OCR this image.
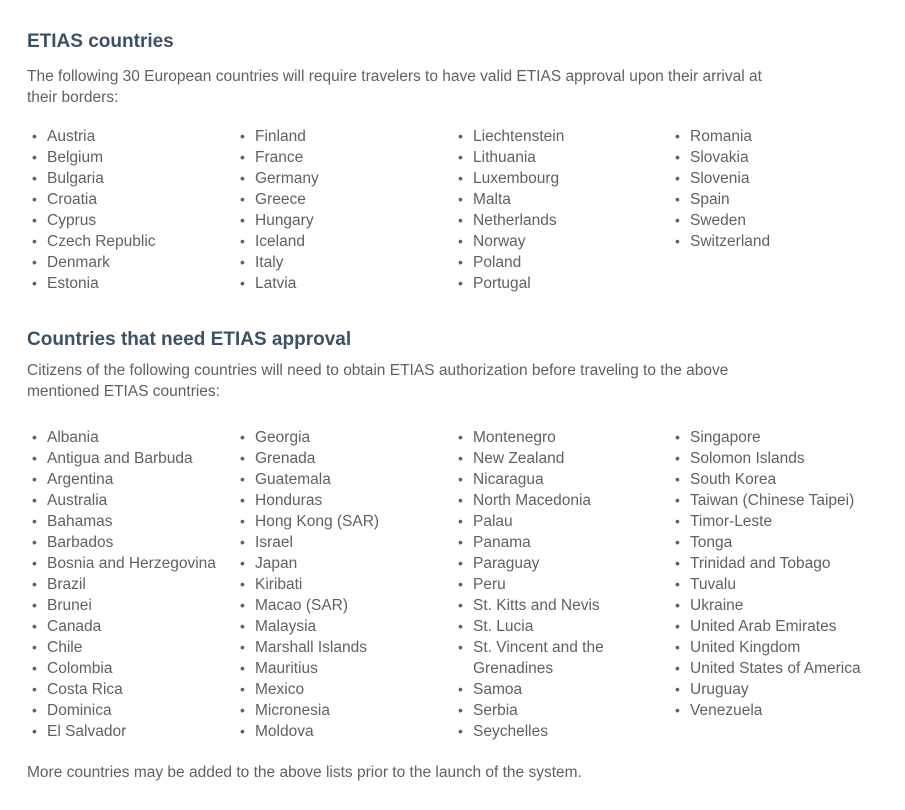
ETIAS countries
The following 30 European countries will require travelers to have valid ETIAS approval upon their arrival at
their borders:
• Austria
• Belgium
• Bulgaria
• Croatia
• Cyprus
• Czech Republic
• Denmark
• Estonia
• Finland
• France
• Germany
• Greece
• Hungary
• Iceland
• Italy
• Latvia
• Liechtenstein
• Lithuania
• Luxembourg
• Malta
• Netherlands
• Norway
• Poland
• Portugal
• Romania
• Slovakia
• Slovenia
• Spain
• Sweden
• Switzerland
Countries that need ETIAS approval
Citizens of the following countries will need to obtain ETIAS authorization before traveling to the above
mentioned ETIAS countries:
• Albania
• Antigua and Barbuda
• Argentina
• Australia
• Bahamas
• Barbados
• Bosnia and Herzegovina
• Brazil
• Brunei
• Canada
• Chile
• Colombia
• Costa Rica
• Dominica
• El Salvador
• Georgia
• Grenada
• Guatemala
• Honduras
• Hong Kong (SAR)
• Israel
• Japan
• Kiribati
• Macao (SAR)
• Malaysia
• Marshall Islands
• Mauritius
• Mexico
• Micronesia
• Moldova
• Montenegro
• New Zealand
• Nicaragua
• North Macedonia
• Palau
• Panama
• Paraguay
• Peru
• St. Kitts and Nevis
• St. Lucia
• St. Vincent and the Grenadines
• Samoa
• Serbia
• Seychelles
• Singapore
• Solomon Islands
• South Korea
• Taiwan (Chinese Taipei)
• Timor-Leste
• Tonga
• Trinidad and Tobago
• Tuvalu
• Ukraine
• United Arab Emirates
• United Kingdom
• United States of America
• Uruguay
• Venezuela

More countries may be added to the above lists prior to the launch of the system.
